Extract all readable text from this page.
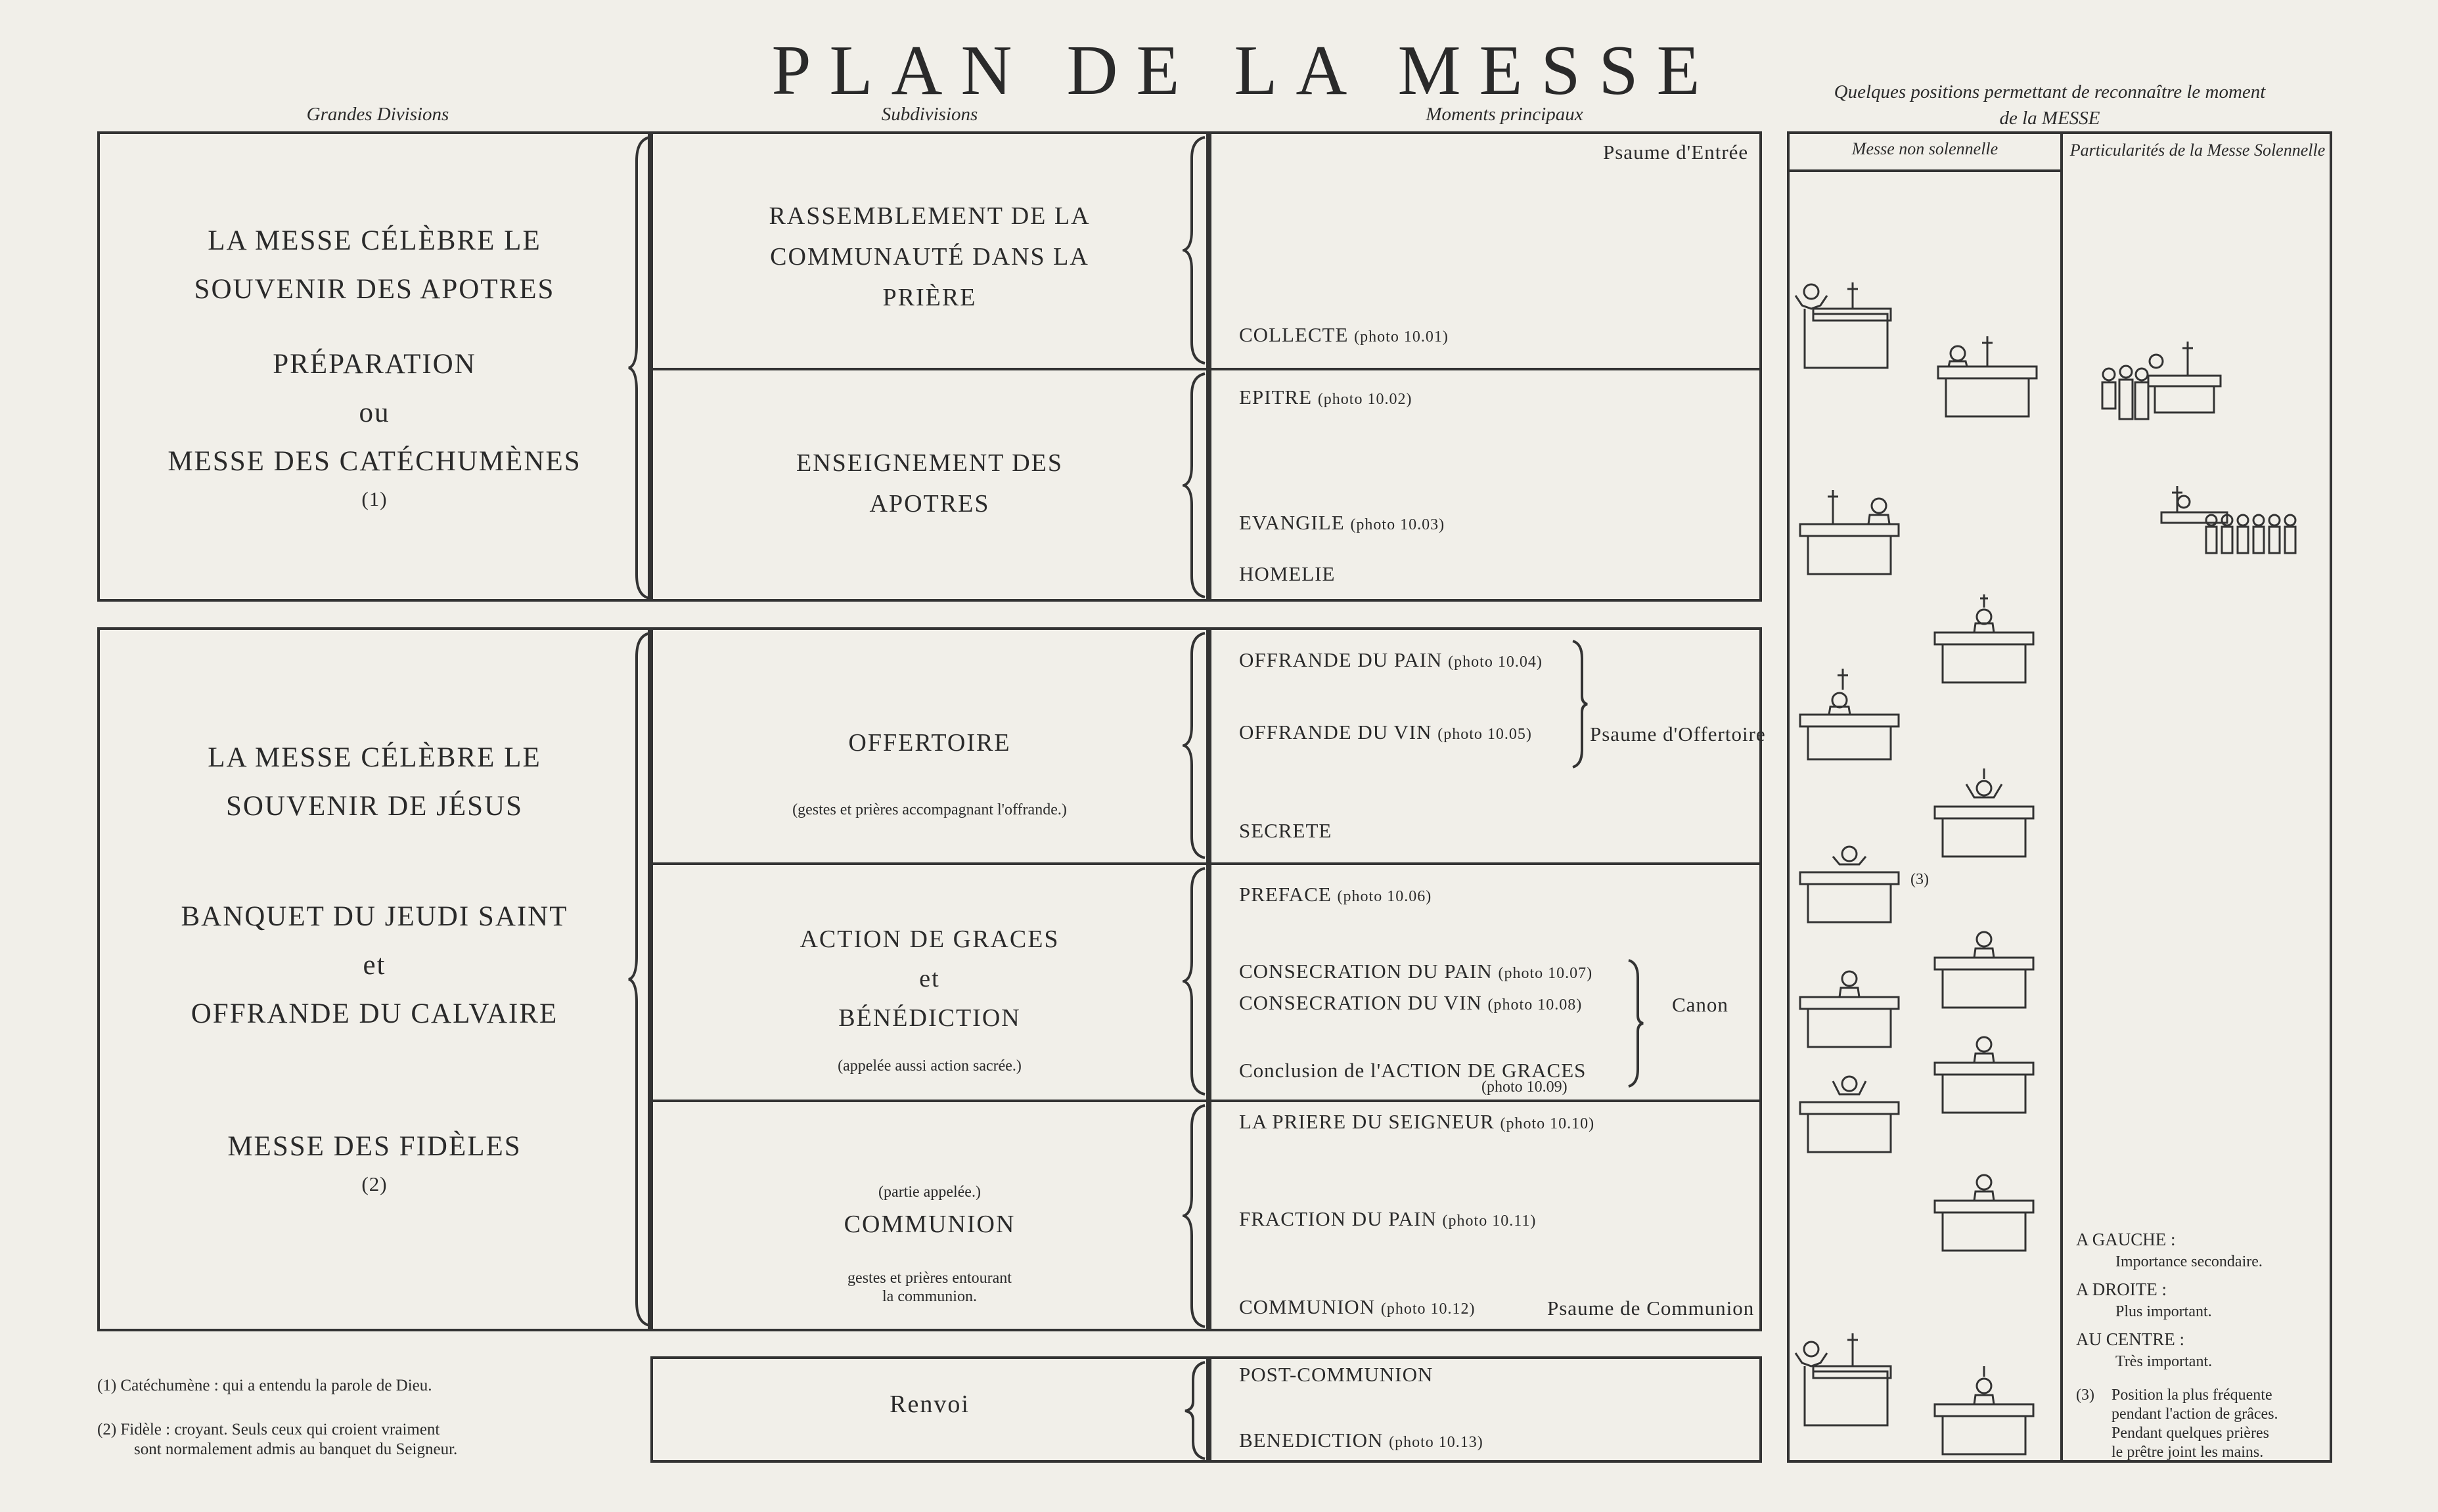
PLAN DE LA MESSE
Grandes Divisions	Subdivisions	Moments principaux
Quelques positions permettant de reconnaître le moment de la MESSE
LA MESSE CÉLÈBRE LE
SOUVENIR DES APOTRES
PRÉPARATION
ou
MESSE DES CATÉCHUMÈNES
(1)
LA MESSE CÉLÈBRE LE
SOUVENIR DE JÉSUS
BANQUET DU JEUDI SAINT
et
OFFRANDE DU CALVAIRE
MESSE DES FIDÈLES
(2)
RASSEMBLEMENT DE LA
COMMUNAUTÉ DANS LA
PRIÈRE
ENSEIGNEMENT DES
APOTRES
OFFERTOIRE
(gestes et prières accompagnant l'offrande.)
ACTION DE GRACES
et
BÉNÉDICTION
(appelée aussi action sacrée.)
(partie appelée.)
COMMUNION
gestes et prières entourant
la communion.
Renvoi
Psaume d'Entrée
COLLECTE (photo 10.01)
EPITRE (photo 10.02)
EVANGILE (photo 10.03)
HOMELIE
OFFRANDE DU PAIN (photo 10.04)
OFFRANDE DU VIN (photo 10.05)	Psaume d'Offertoire
SECRETE
PREFACE (photo 10.06)
CONSECRATION DU PAIN (photo 10.07)
CONSECRATION DU VIN (photo 10.08)	Canon
Conclusion de l'ACTION DE GRACES
(photo 10.09)
LA PRIERE DU SEIGNEUR (photo 10.10)
FRACTION DU PAIN (photo 10.11)
COMMUNION (photo 10.12)	Psaume de Communion
POST-COMMUNION
BENEDICTION (photo 10.13)
Messe non solennelle	Particularités de la Messe Solennelle
(3)
A GAUCHE :
Importance secondaire.
A DROITE :
Plus important.
AU CENTRE :
Très important.
(3) Position la plus fréquente
pendant l'action de grâces.
Pendant quelques prières
le prêtre joint les mains.
(1) Catéchumène : qui a entendu la parole de Dieu.
(2) Fidèle : croyant. Seuls ceux qui croient vraiment
sont normalement admis au banquet du Seigneur.
